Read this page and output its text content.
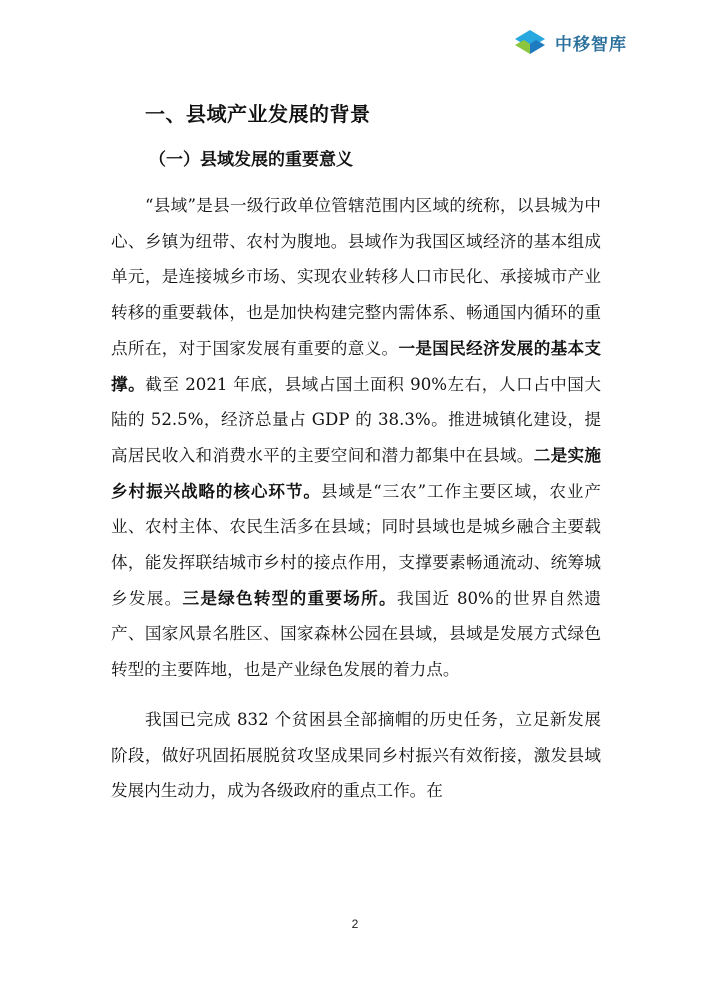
中移智库
一、县域产业发展的背景
（一）县域发展的重要意义

“县域”是县一级行政单位管辖范围内区域的统称，以县城为中心、乡镇为纽带、农村为腹地。县域作为我国区域经济的基本组成单元，是连接城乡市场、实现农业转移人口市民化、承接城市产业转移的重要载体，也是加快构建完整内需体系、畅通国内循环的重点所在，对于国家发展有重要的意义。一是国民经济发展的基本支撑。截至 2021 年底，县域占国土面积 90%左右，人口占中国大陆的 52.5%，经济总量占 GDP 的 38.3%。推进城镇化建设，提高居民收入和消费水平的主要空间和潜力都集中在县域。二是实施乡村振兴战略的核心环节。县域是“三农”工作主要区域，农业产业、农村主体、农民生活多在县域；同时县域也是城乡融合主要载体，能发挥联结城市乡村的接点作用，支撑要素畅通流动、统筹城乡发展。三是绿色转型的重要场所。我国近 80%的世界自然遗产、国家风景名胜区、国家森林公园在县域，县域是发展方式绿色转型的主要阵地，也是产业绿色发展的着力点。

我国已完成 832 个贫困县全部摘帽的历史任务，立足新发展阶段，做好巩固拓展脱贫攻坚成果同乡村振兴有效衔接，激发县域发展内生动力，成为各级政府的重点工作。在

2
